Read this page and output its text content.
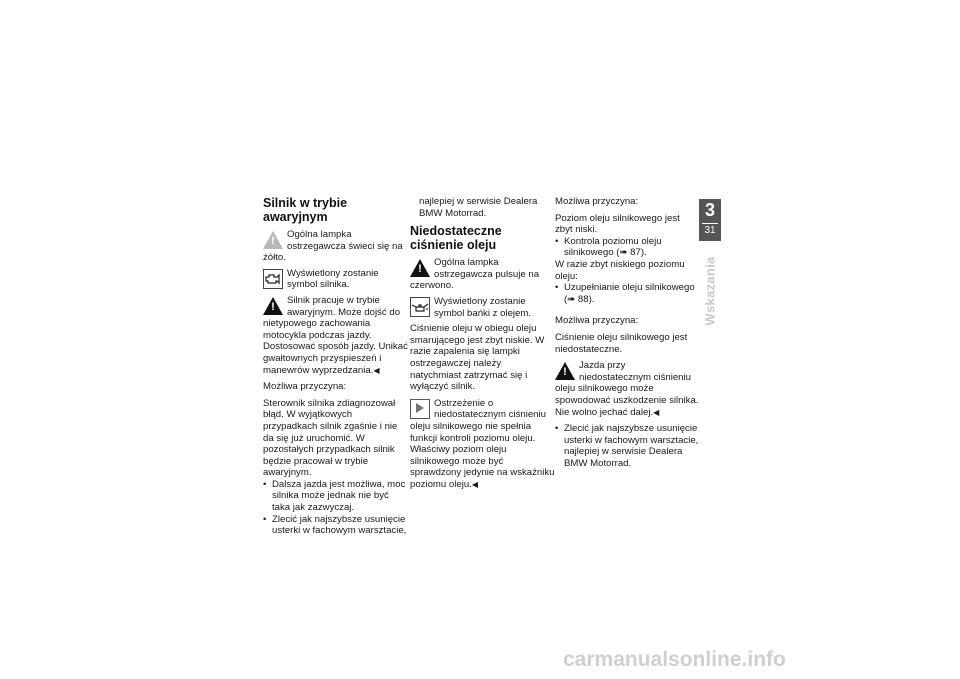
Silnik w trybie awaryjnym
!

Ogólna lampka ostrzegawcza świeci się na żółto.

Wyświetlony zostanie symbol silnika.

!

Silnik pracuje w trybie awaryjnym. Może dojść do nietypowego zachowania motocykla podczas jazdy.

Dostosować sposób jazdy. Unikać gwałtownych przyspieszeń i manewrów wyprzedzania.◀

Możliwa przyczyna:

Sterownik silnika zdiagnozował błąd. W wyjątkowych przypadkach silnik zgaśnie i nie da się już uruchomić. W pozostałych przypadkach silnik będzie pracował w trybie awaryjnym.

• Dalsza jazda jest możliwa, moc silnika może jednak nie być taka jak zazwyczaj.
• Zlecić jak najszybsze usunięcie usterki w fachowym warsztacie,

najlepiej w serwisie Dealera BMW Motorrad.

Niedostateczne ciśnienie oleju
!

Ogólna lampka ostrzegawcza pulsuje na czerwono.

Wyświetlony zostanie symbol bańki z olejem.

Ciśnienie oleju w obiegu oleju smarującego jest zbyt niskie. W razie zapalenia się lampki ostrzegawczej należy natychmiast zatrzymać się i wyłączyć silnik.

Ostrzeżenie o niedostatecznym ciśnieniu oleju silnikowego nie spełnia funkcji kontroli poziomu oleju. Właściwy poziom oleju silnikowego może być sprawdzony jedynie na wskaźniku poziomu oleju.◀

Możliwa przyczyna:

Poziom oleju silnikowego jest zbyt niski.

• Kontrola poziomu oleju silnikowego (➠ 87).

W razie zbyt niskiego poziomu oleju:

• Uzupełnianie oleju silnikowego (➠ 88).

Możliwa przyczyna:

Ciśnienie oleju silnikowego jest niedostateczne.

!

Jazda przy niedostatecznym ciśnieniu oleju silnikowego może spowodować uszkodzenie silnika.

Nie wolno jechać dalej.◀

• Zlecić jak najszybsze usunięcie usterki w fachowym warsztacie, najlepiej w serwisie Dealera BMW Motorrad.
3
31
Wskazania
carmanualsonline.info
